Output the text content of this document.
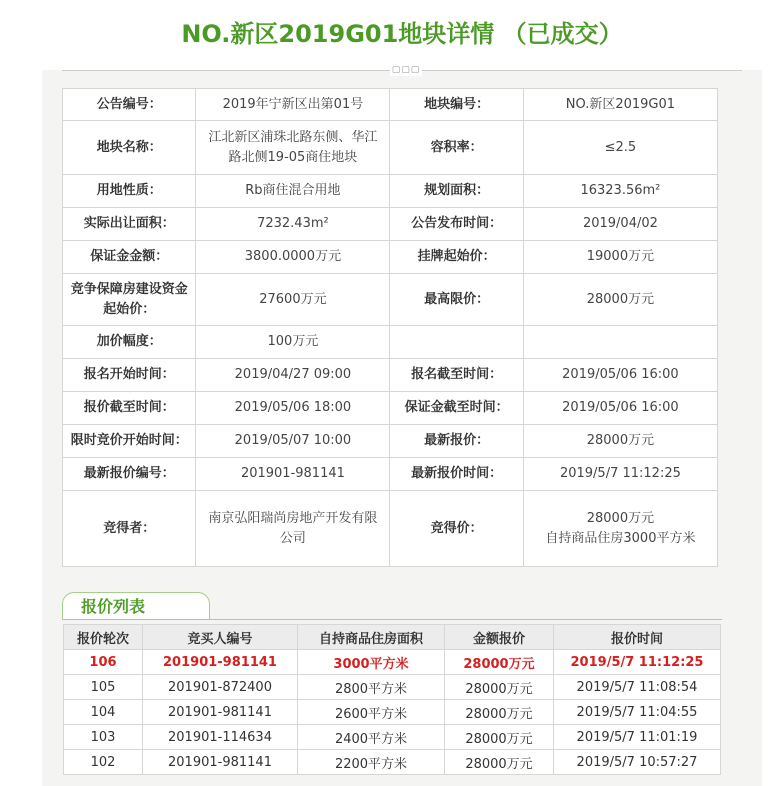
NO.新区2019G01地块详情 （已成交）
▢▢▢
公告编号：	2019年宁新区出第01号	地块编号：	NO.新区2019G01
地块名称：	江北新区浦珠北路东侧、华江路北侧19-05商住地块	容积率：	≤2.5
用地性质：	Rb商住混合用地	规划面积：	16323.56m²
实际出让面积：	7232.43m²	公告发布时间：	2019/04/02
保证金金额：	3800.0000万元	挂牌起始价：	19000万元
竞争保障房建设资金起始价：	27600万元	最高限价：	28000万元
加价幅度：	100万元		
报名开始时间：	2019/04/27 09:00	报名截至时间：	2019/05/06 16:00
报价截至时间：	2019/05/06 18:00	保证金截至时间：	2019/05/06 16:00
限时竞价开始时间：	2019/05/07 10:00	最新报价：	28000万元
最新报价编号：	201901-981141	最新报价时间：	2019/5/7 11:12:25
竞得者：	南京弘阳瑞尚房地产开发有限公司	竞得价：	28000万元
自持商品住房3000平方米
报价列表
报价轮次	竞买人编号	自持商品住房面积	金额报价	报价时间
106	201901-981141	3000平方米	28000万元	2019/5/7 11:12:25
105	201901-872400	2800平方米	28000万元	2019/5/7 11:08:54
104	201901-981141	2600平方米	28000万元	2019/5/7 11:04:55
103	201901-114634	2400平方米	28000万元	2019/5/7 11:01:19
102	201901-981141	2200平方米	28000万元	2019/5/7 10:57:27
